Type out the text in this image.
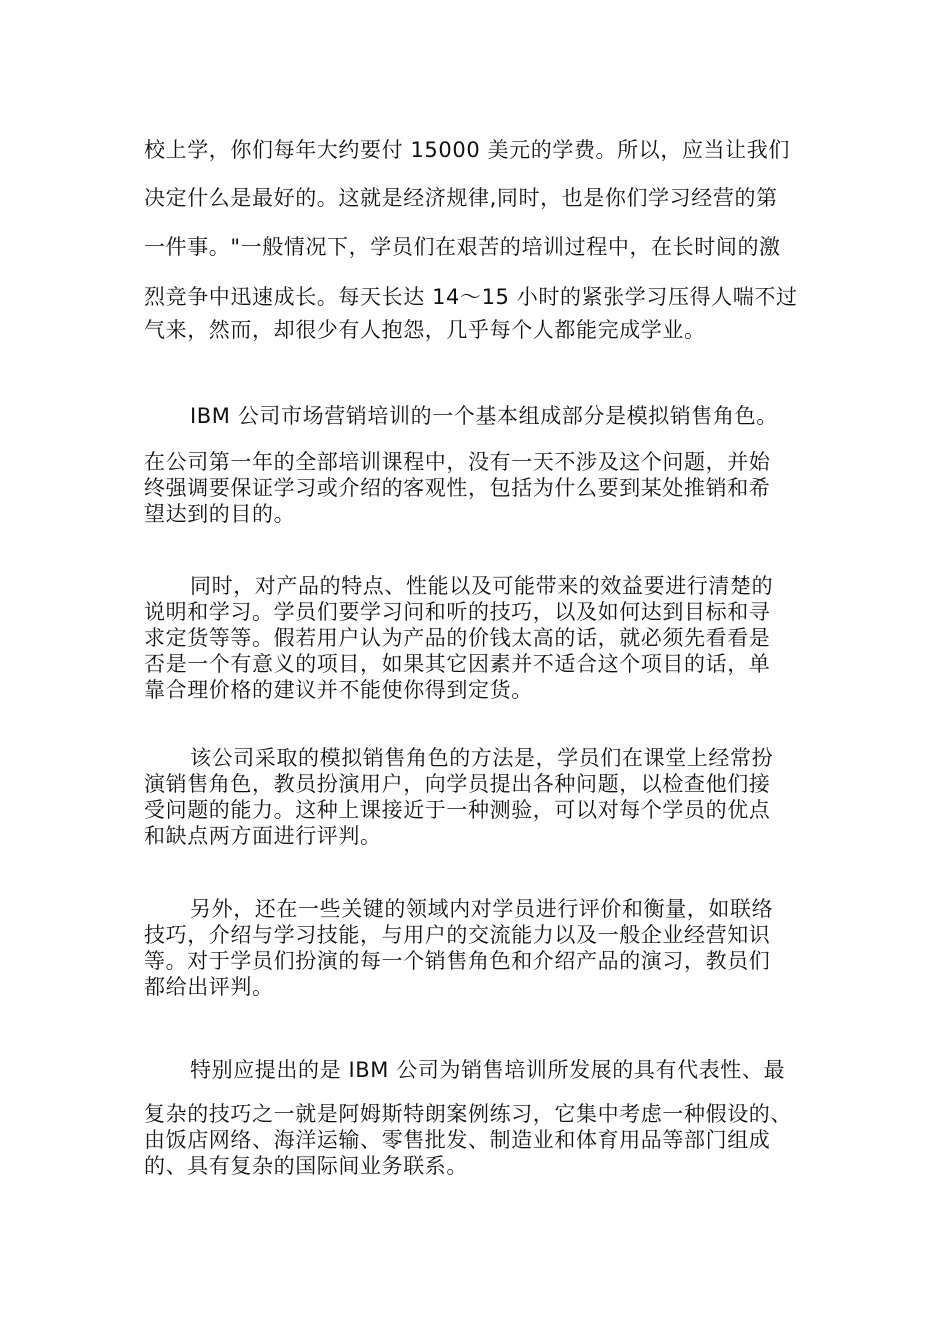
校上学，你们每年大约要付 15000 美元的学费。所以，应当让我们
决定什么是最好的。这就是经济规律,同时，也是你们学习经营的第
一件事。"一般情况下，学员们在艰苦的培训过程中，在长时间的激
烈竞争中迅速成长。每天长达 14～15 小时的紧张学习压得人喘不过
气来，然而，却很少有人抱怨，几乎每个人都能完成学业。
IBM 公司市场营销培训的一个基本组成部分是模拟销售角色。
在公司第一年的全部培训课程中，没有一天不涉及这个问题，并始
终强调要保证学习或介绍的客观性，包括为什么要到某处推销和希
望达到的目的。
同时，对产品的特点、性能以及可能带来的效益要进行清楚的
说明和学习。学员们要学习问和听的技巧，以及如何达到目标和寻
求定货等等。假若用户认为产品的价钱太高的话，就必须先看看是
否是一个有意义的项目，如果其它因素并不适合这个项目的话，单
靠合理价格的建议并不能使你得到定货。
该公司采取的模拟销售角色的方法是，学员们在课堂上经常扮
演销售角色，教员扮演用户，向学员提出各种问题，以检查他们接
受问题的能力。这种上课接近于一种测验，可以对每个学员的优点
和缺点两方面进行评判。
另外，还在一些关键的领域内对学员进行评价和衡量，如联络
技巧，介绍与学习技能，与用户的交流能力以及一般企业经营知识
等。对于学员们扮演的每一个销售角色和介绍产品的演习，教员们
都给出评判。
特别应提出的是 IBM 公司为销售培训所发展的具有代表性、最
复杂的技巧之一就是阿姆斯特朗案例练习，它集中考虑一种假设的、
由饭店网络、海洋运输、零售批发、制造业和体育用品等部门组成
的、具有复杂的国际间业务联系。
